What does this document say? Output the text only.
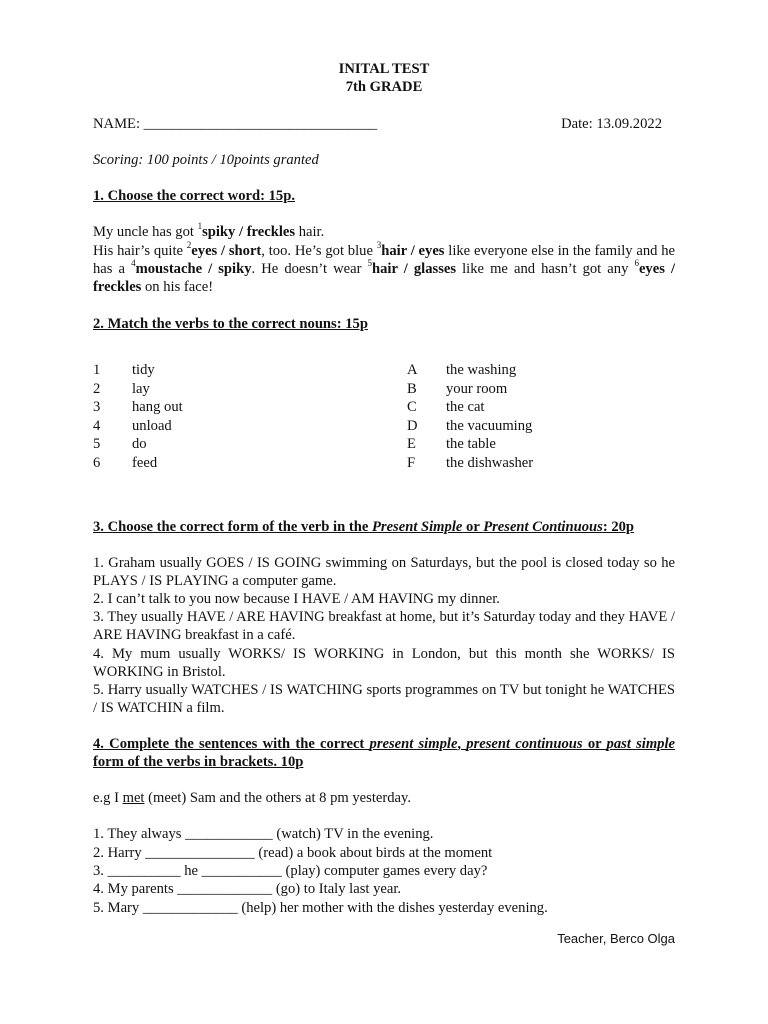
INITAL TEST
7th GRADE
NAME: ________________________________	Date: 13.09.2022
Scoring: 100 points / 10points granted
1. Choose the correct word: 15p.
My uncle has got $^1$spiky / freckles hair.
His hair’s quite $^2$eyes / short, too. He’s got blue $^3$hair / eyes like everyone else in the family and he has a $^4$moustache / spiky. He doesn’t wear $^5$hair / glasses like me and hasn’t got any $^6$eyes / freckles on his face!
2. Match the verbs to the correct nouns: 15p
1 tidy	A the washing
2 lay	B your room
3 hang out	C the cat
4 unload	D the vacuuming
5 do	E the table
6 feed	F the dishwasher
3. Choose the correct form of the verb in the Present Simple or Present Continuous: 20p
1. Graham usually GOES / IS GOING swimming on Saturdays, but the pool is closed today so he PLAYS / IS PLAYING a computer game.
2. I can’t talk to you now because I HAVE / AM HAVING my dinner.
3. They usually HAVE / ARE HAVING breakfast at home, but it’s Saturday today and they HAVE / ARE HAVING breakfast in a café.
4. My mum usually WORKS/ IS WORKING in London, but this month she WORKS/ IS WORKING in Bristol.
5. Harry usually WATCHES / IS WATCHING sports programmes on TV but tonight he WATCHES / IS WATCHIN a film.
4. Complete the sentences with the correct present simple, present continuous or past simple form of the verbs in brackets. 10p
e.g I met (meet) Sam and the others at 8 pm yesterday.
1. They always ____________ (watch) TV in the evening.
2. Harry _______________ (read) a book about birds at the moment
3. __________ he ___________ (play) computer games every day?
4. My parents _____________ (go) to Italy last year.
5. Mary _____________ (help) her mother with the dishes yesterday evening.
Teacher, Berco Olga
